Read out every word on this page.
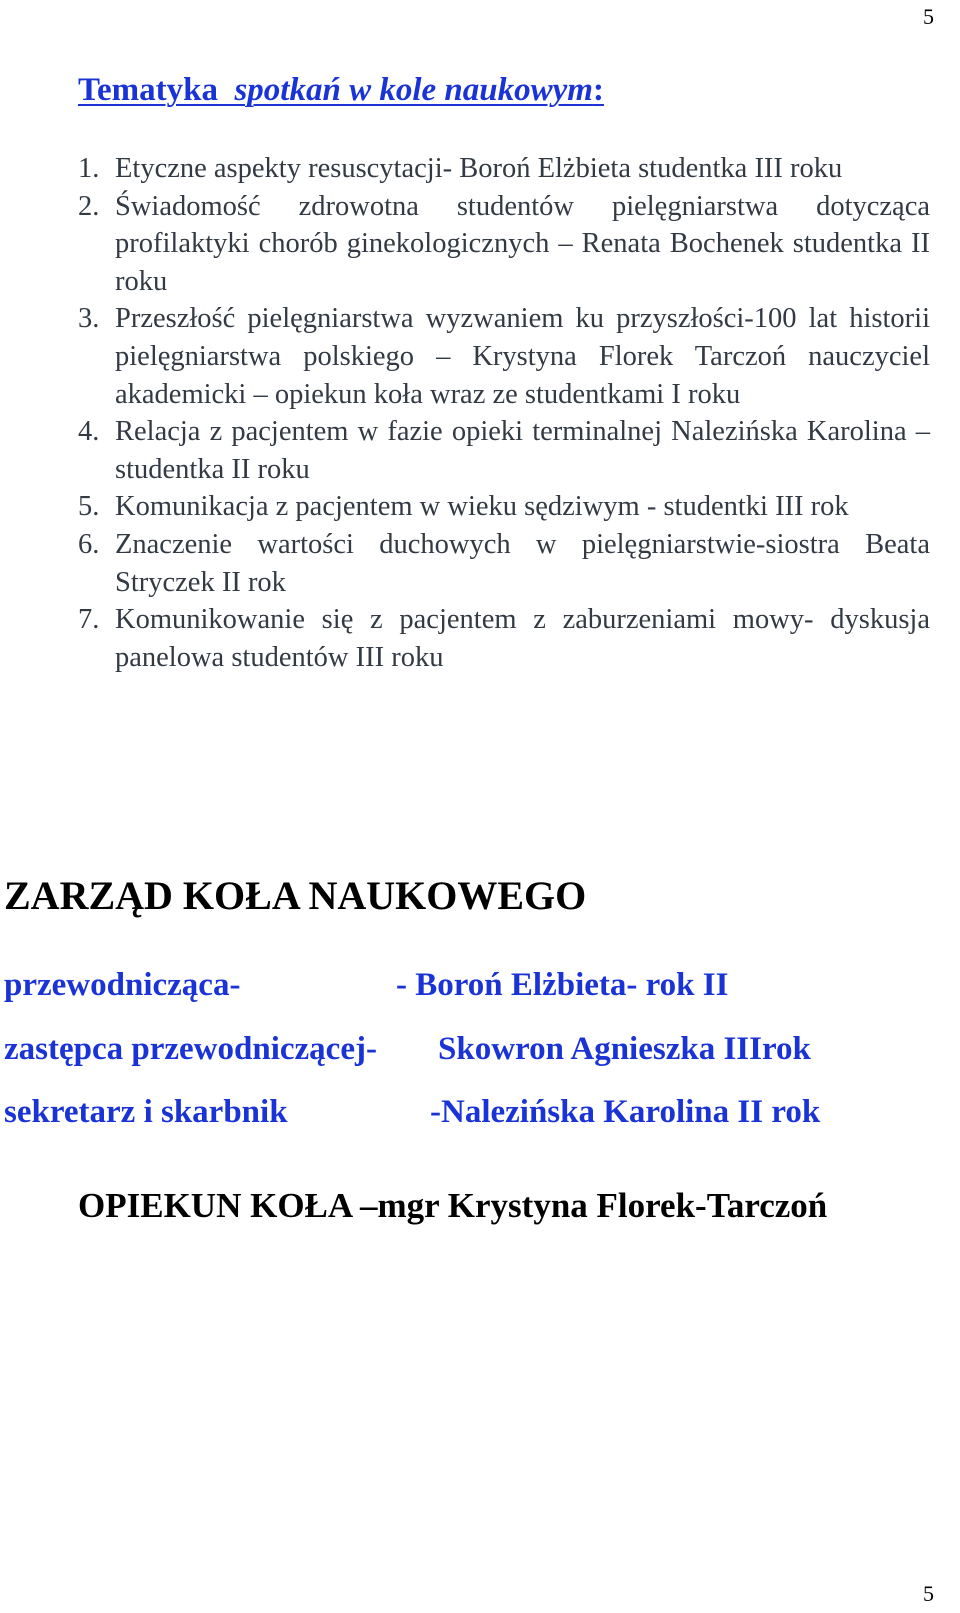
5
Tematyka spotkań w kole naukowym:
1. Etyczne aspekty resuscytacji- Boroń Elżbieta studentka III roku
2. Świadomość zdrowotna studentów pielęgniarstwa dotycząca profilaktyki chorób ginekologicznych – Renata Bochenek studentka II roku
3. Przeszłość pielęgniarstwa wyzwaniem ku przyszłości-100 lat historii pielęgniarstwa polskiego – Krystyna Florek Tarczoń nauczyciel akademicki – opiekun koła wraz ze studentkami I roku
4. Relacja z pacjentem w fazie opieki terminalnej Nalezińska Karolina –studentka II roku
5. Komunikacja z pacjentem w wieku sędziwym - studentki III rok
6. Znaczenie wartości duchowych w pielęgniarstwie-siostra Beata Stryczek II rok
7. Komunikowanie się z pacjentem z zaburzeniami mowy- dyskusja panelowa studentów III roku
ZARZĄD KOŁA NAUKOWEGO
przewodnicząca-	- Boroń Elżbieta- rok II
zastępca przewodniczącej- Skowron Agnieszka IIIrok
sekretarz i skarbnik	-Nalezińska Karolina II rok
OPIEKUN KOŁA –mgr Krystyna Florek-Tarczoń
5
